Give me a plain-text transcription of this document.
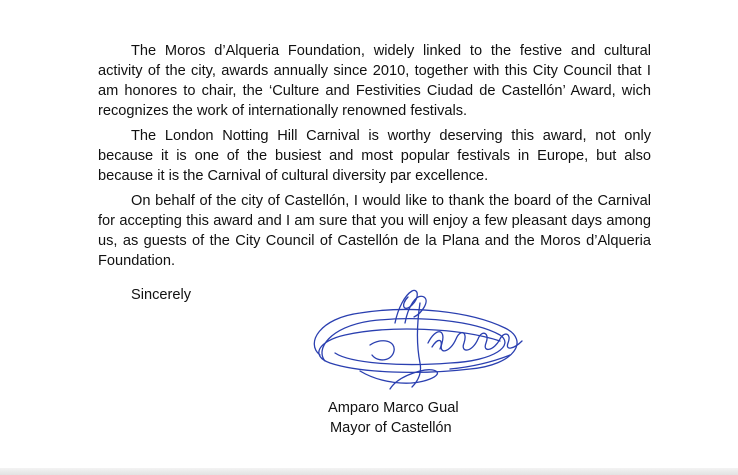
The Moros d’Alqueria Foundation, widely linked to the festive and cultural activity of the city, awards annually since 2010, together with this City Council that I am honores to chair, the ‘Culture and Festivities Ciudad de Castellón’ Award, wich recognizes the work of internationally renowned festivals.

The London Notting Hill Carnival is worthy deserving this award, not only because it is one of the busiest and most popular festivals in Europe, but also because it is the Carnival of cultural diversity par excellence.

On behalf of the city of Castellón, I would like to thank the board of the Carnival for accepting this award and I am sure that you will enjoy a few pleasant days among us, as guests of the City Council of Castellón de la Plana and the Moros d’Alqueria Foundation.

Sincerely

Amparo Marco Gual

Mayor of Castellón
